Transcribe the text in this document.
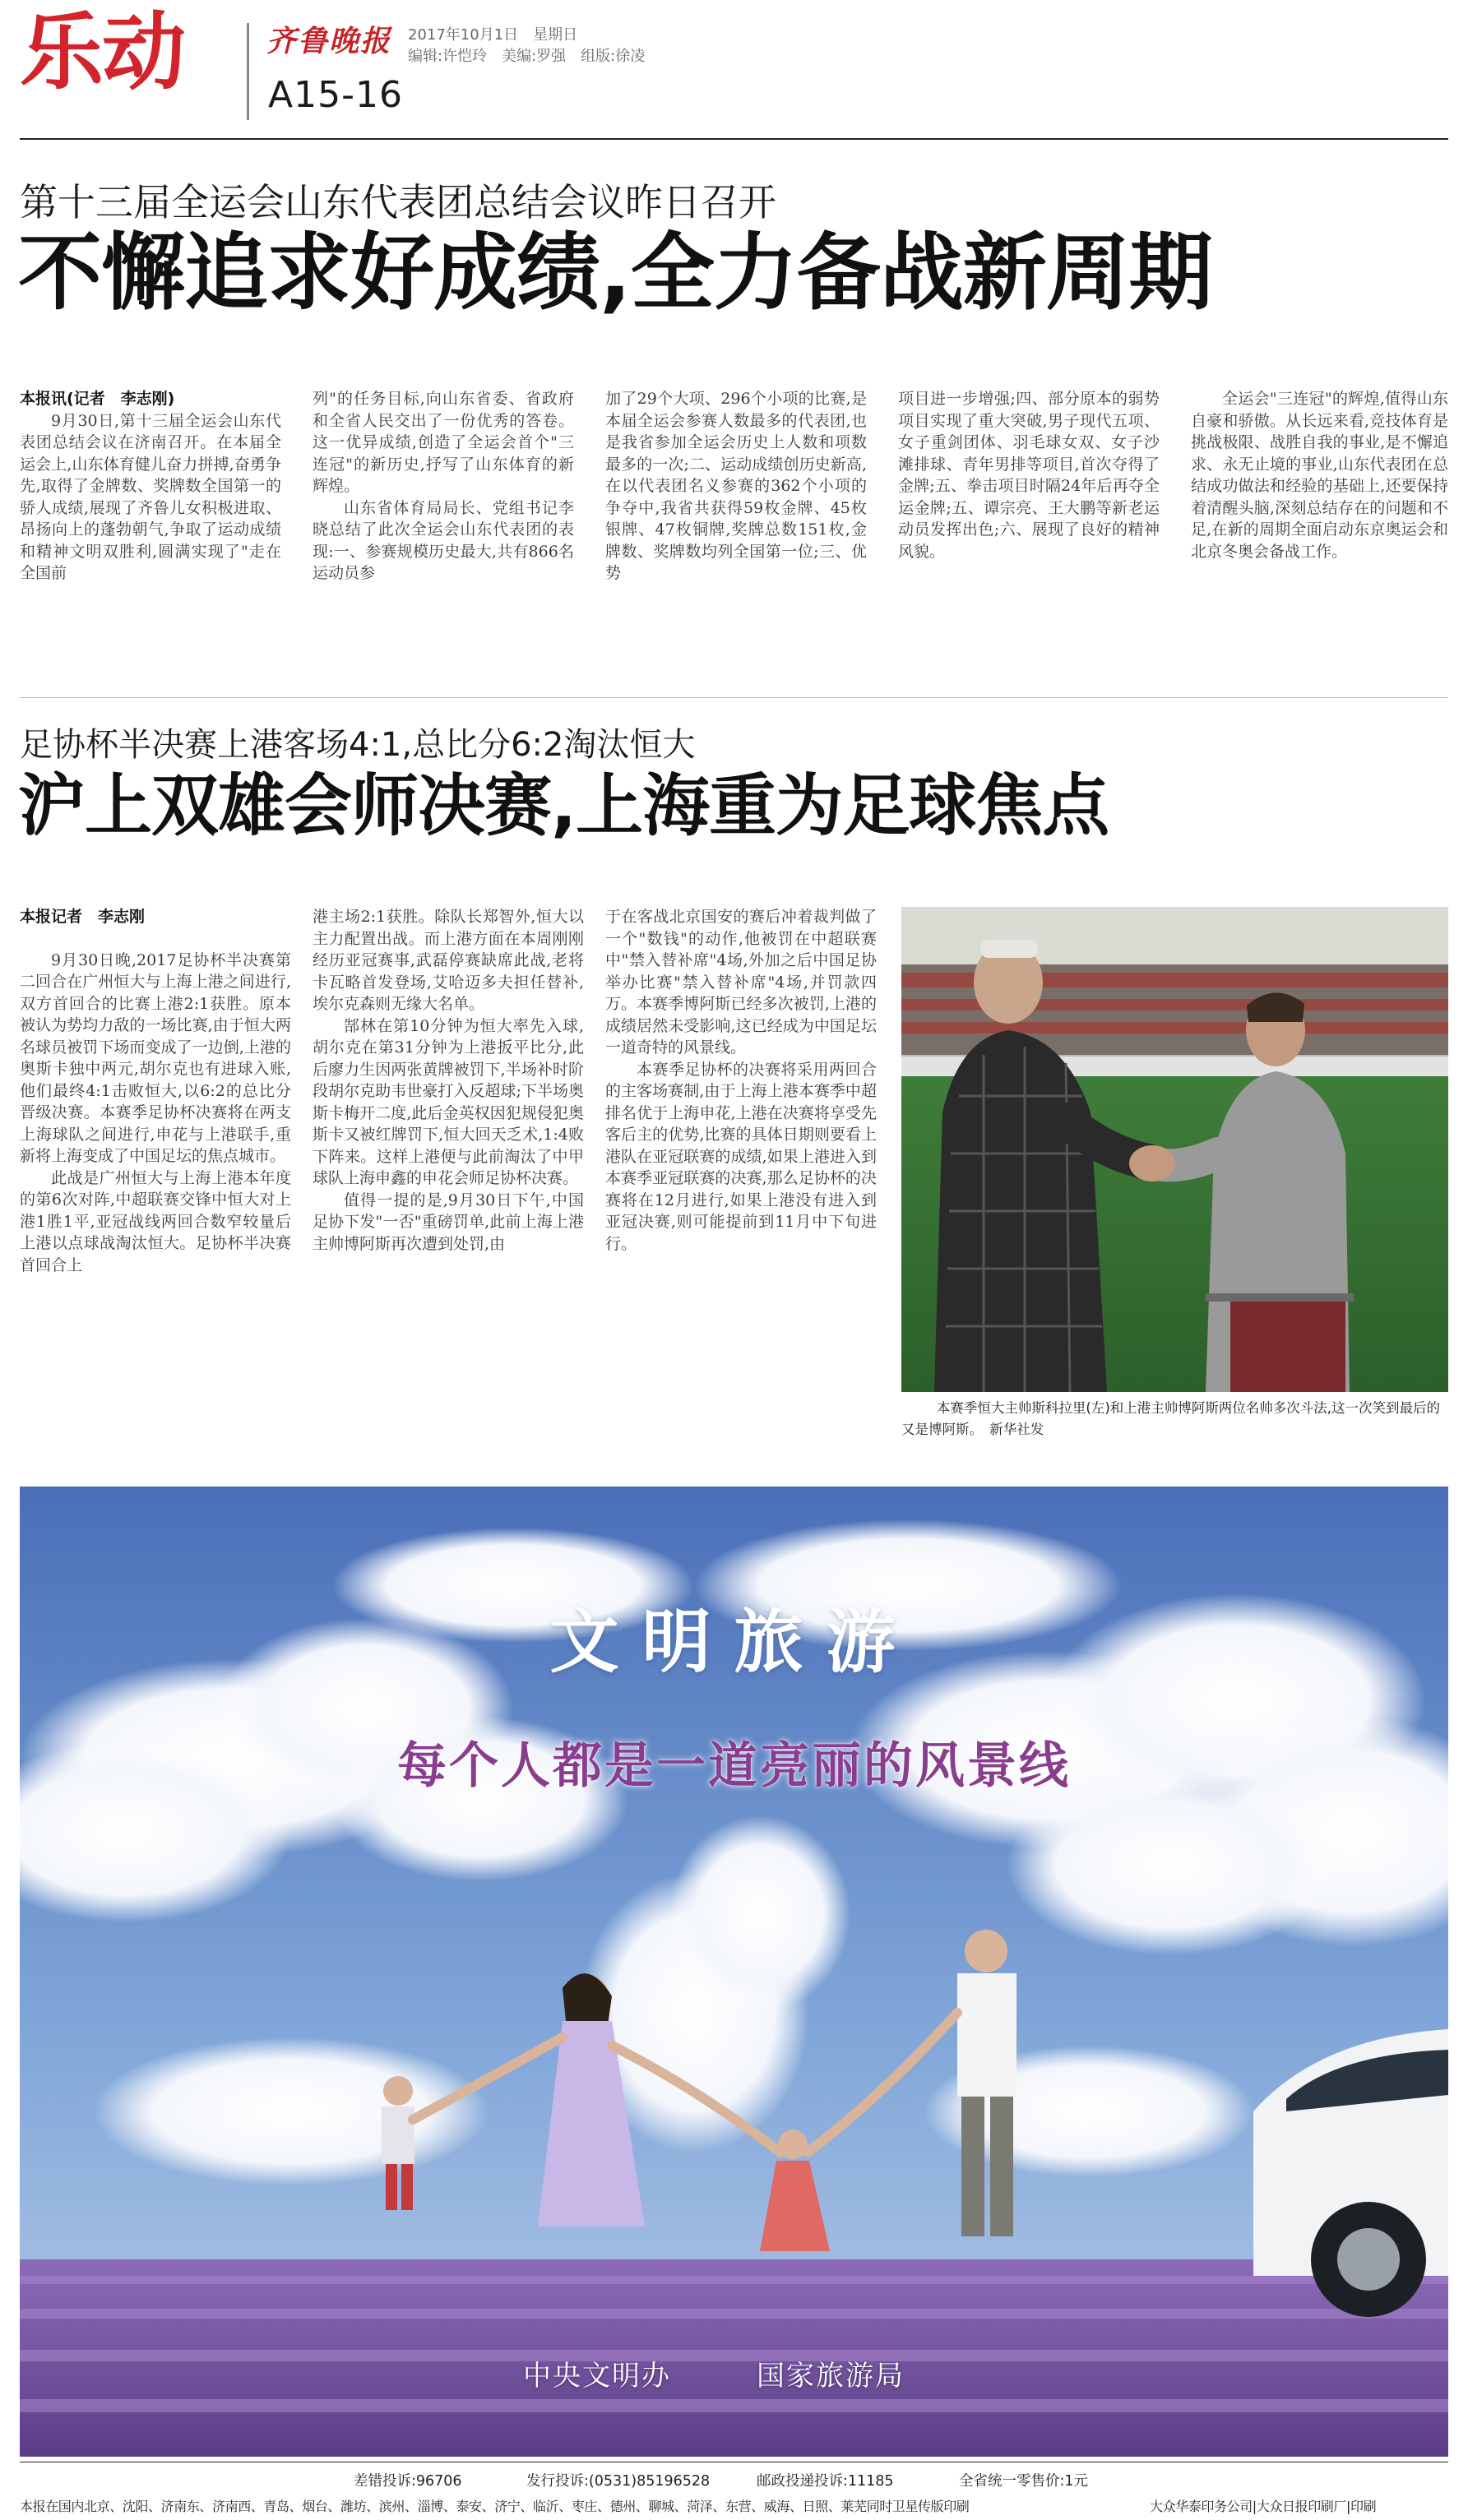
乐动	齐鲁晚报
A15-16
2017年10月1日　星期日
编辑:许恺玲　美编:罗强　组版:徐凌
第十三届全运会山东代表团总结会议昨日召开
不懈追求好成绩,全力备战新周期

本报讯(记者　李志刚)

9月30日,第十三届全运会山东代表团总结会议在济南召开。在本届全运会上,山东体育健儿奋力拼搏,奋勇争先,取得了金牌数、奖牌数全国第一的骄人成绩,展现了齐鲁儿女积极进取、昂扬向上的蓬勃朝气,争取了运动成绩和精神文明双胜利,圆满实现了"走在全国前

列"的任务目标,向山东省委、省政府和全省人民交出了一份优秀的答卷。这一优异成绩,创造了全运会首个"三连冠"的新历史,抒写了山东体育的新辉煌。

山东省体育局局长、党组书记李晓总结了此次全运会山东代表团的表现:一、参赛规模历史最大,共有866名运动员参

加了29个大项、296个小项的比赛,是本届全运会参赛人数最多的代表团,也是我省参加全运会历史上人数和项数最多的一次;二、运动成绩创历史新高,在以代表团名义参赛的362个小项的争夺中,我省共获得59枚金牌、45枚银牌、47枚铜牌,奖牌总数151枚,金牌数、奖牌数均列全国第一位;三、优势

项目进一步增强;四、部分原本的弱势项目实现了重大突破,男子现代五项、女子重剑团体、羽毛球女双、女子沙滩排球、青年男排等项目,首次夺得了金牌;五、拳击项目时隔24年后再夺全运金牌;五、谭宗亮、王大鹏等新老运动员发挥出色;六、展现了良好的精神风貌。

全运会"三连冠"的辉煌,值得山东自豪和骄傲。从长远来看,竞技体育是挑战极限、战胜自我的事业,是不懈追求、永无止境的事业,山东代表团在总结成功做法和经验的基础上,还要保持着清醒头脑,深刻总结存在的问题和不足,在新的周期全面启动东京奥运会和北京冬奥会备战工作。

足协杯半决赛上港客场4:1,总比分6:2淘汰恒大
沪上双雄会师决赛,上海重为足球焦点

本报记者　李志刚

9月30日晚,2017足协杯半决赛第二回合在广州恒大与上海上港之间进行,双方首回合的比赛上港2:1获胜。原本被认为势均力敌的一场比赛,由于恒大两名球员被罚下场而变成了一边倒,上港的奥斯卡独中两元,胡尔克也有进球入账,他们最终4:1击败恒大,以6:2的总比分晋级决赛。本赛季足协杯决赛将在两支上海球队之间进行,申花与上港联手,重新将上海变成了中国足坛的焦点城市。

此战是广州恒大与上海上港本年度的第6次对阵,中超联赛交锋中恒大对上港1胜1平,亚冠战线两回合数窄较量后上港以点球战淘汰恒大。足协杯半决赛首回合上

港主场2:1获胜。除队长郑智外,恒大以主力配置出战。而上港方面在本周刚刚经历亚冠赛事,武磊停赛缺席此战,老将卡瓦略首发登场,艾哈迈多夫担任替补,埃尔克森则无缘大名单。

郜林在第10分钟为恒大率先入球,胡尔克在第31分钟为上港扳平比分,此后廖力生因两张黄牌被罚下,半场补时阶段胡尔克助韦世豪打入反超球;下半场奥斯卡梅开二度,此后金英权因犯规侵犯奥斯卡又被红牌罚下,恒大回天乏术,1:4败下阵来。这样上港便与此前淘汰了中甲球队上海申鑫的申花会师足协杯决赛。

值得一提的是,9月30日下午,中国足协下发"一否"重磅罚单,此前上海上港主帅博阿斯再次遭到处罚,由

于在客战北京国安的赛后冲着裁判做了一个"数钱"的动作,他被罚在中超联赛中"禁入替补席"4场,外加之后中国足协举办比赛"禁入替补席"4场,并罚款四万。本赛季博阿斯已经多次被罚,上港的成绩居然未受影响,这已经成为中国足坛一道奇特的风景线。

本赛季足协杯的决赛将采用两回合的主客场赛制,由于上海上港本赛季中超排名优于上海申花,上港在决赛将享受先客后主的优势,比赛的具体日期则要看上港队在亚冠联赛的成绩,如果上港进入到本赛季亚冠联赛的决赛,那么足协杯的决赛将在12月进行,如果上港没有进入到亚冠决赛,则可能提前到11月中下旬进行。

本赛季恒大主帅斯科拉里(左)和上港主帅博阿斯两位名帅多次斗法,这一次笑到最后的又是博阿斯。　新华社发
文明旅游
每个人都是一道亮丽的风景线
中央文明办	国家旅游局
差错投诉:96706	发行投诉:(0531)85196528	邮政投递投诉:11185	全省统一零售价:1元
本报在国内北京、沈阳、济南东、济南西、青岛、烟台、潍坊、滨州、淄博、泰安、济宁、临沂、枣庄、德州、聊城、菏泽、东营、威海、日照、莱芜同时卫星传版印刷	大众华泰印务公司|大众日报印刷厂|印刷
